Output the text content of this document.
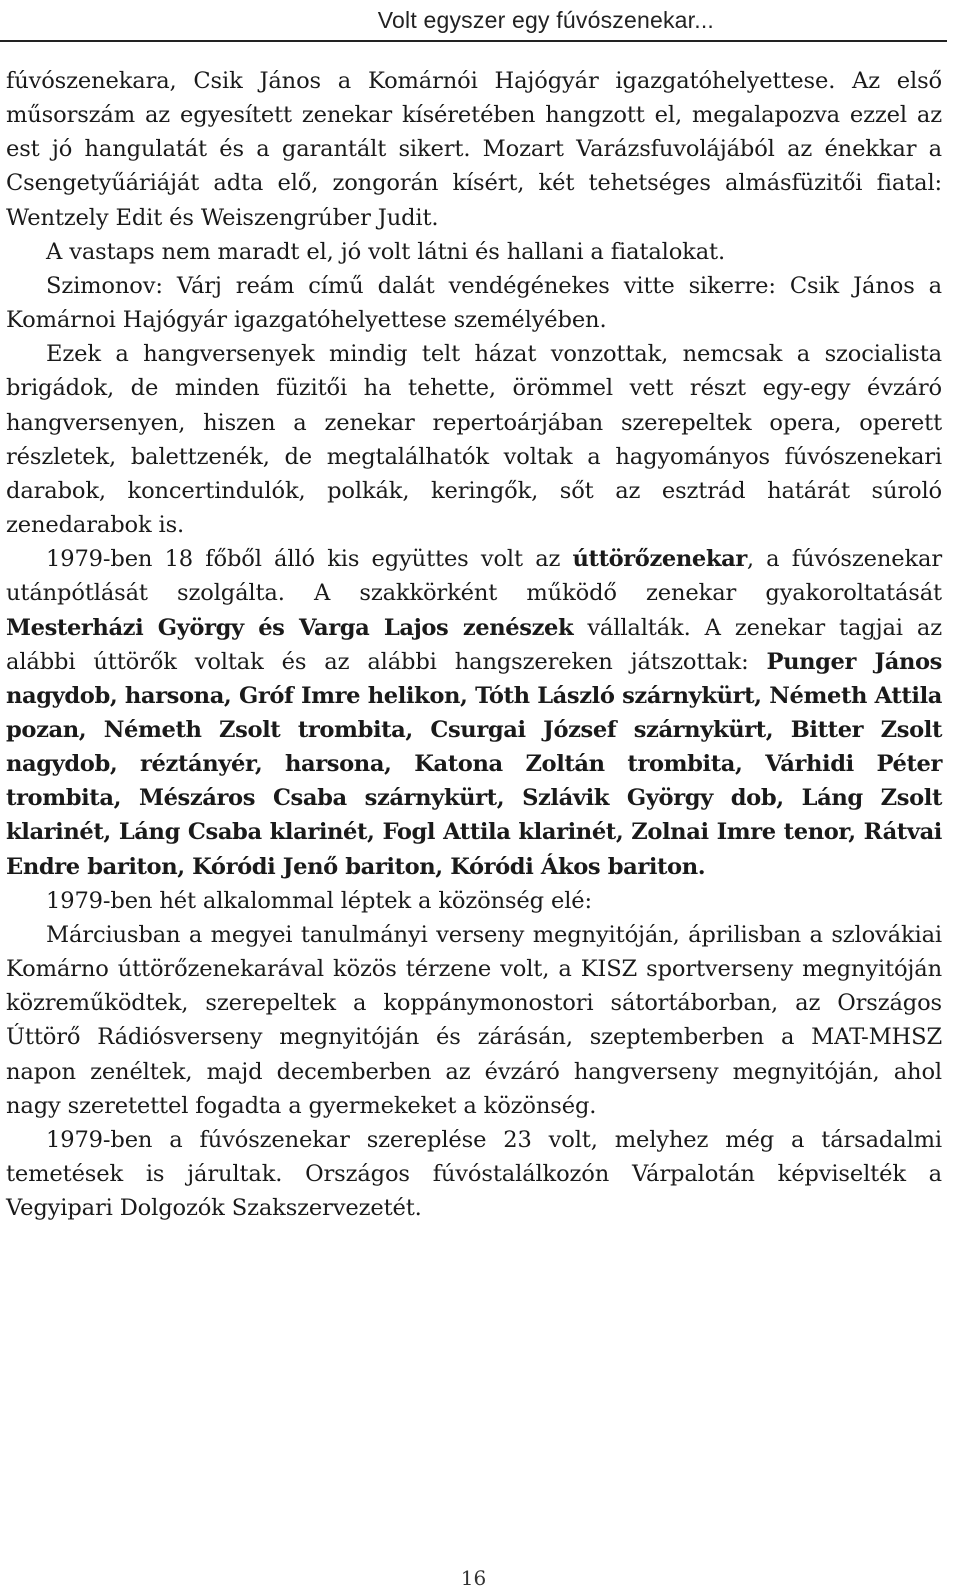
Volt egyszer egy fúvószenekar...

fúvószenekara, Csik János a Komárnói Hajógyár igazgatóhelyettese. Az első műsorszám az egyesített zenekar kíséretében hangzott el, megalapozva ezzel az est jó hangulatát és a garantált sikert. Mozart Varázsfuvolájából az énekkar a Csengetyűáriáját adta elő, zongorán kísért, két tehetséges almásfüzitői fiatal: Wentzely Edit és Weiszengrúber Judit.

A vastaps nem maradt el, jó volt látni és hallani a fiatalokat.

Szimonov: Várj reám című dalát vendégénekes vitte sikerre: Csik János a Komárnoi Hajógyár igazgatóhelyettese személyében.

Ezek a hangversenyek mindig telt házat vonzottak, nemcsak a szocialista brigádok, de minden füzitői ha tehette, örömmel vett részt egy-egy évzáró hangversenyen, hiszen a zenekar repertoárjában szerepeltek opera, operett részletek, balettzenék, de megtalálhatók voltak a hagyományos fúvószenekari darabok, koncertindulók, polkák, keringők, sőt az esztrád határát súroló zenedarabok is.

1979-ben 18 főből álló kis együttes volt az úttörőzenekar, a fúvószenekar utánpótlását szolgálta. A szakkörként működő zenekar gyakoroltatását Mesterházi György és Varga Lajos zenészek vállalták. A zenekar tagjai az alábbi úttörők voltak és az alábbi hangszereken játszottak: Punger János nagydob, harsona, Gróf Imre helikon, Tóth László szárnykürt, Németh Attila pozan, Németh Zsolt trombita, Csurgai József szárnykürt, Bitter Zsolt nagydob, réztányér, harsona, Katona Zoltán trombita, Várhidi Péter trombita, Mészáros Csaba szárnykürt, Szlávik György dob, Láng Zsolt klarinét, Láng Csaba klarinét, Fogl Attila klarinét, Zolnai Imre tenor, Rátvai Endre bariton, Kóródi Jenő bariton, Kóródi Ákos bariton.

1979-ben hét alkalommal léptek a közönség elé:

Márciusban a megyei tanulmányi verseny megnyitóján, áprilisban a szlovákiai Komárno úttörőzenekarával közös térzene volt, a KISZ sportverseny megnyitóján közreműködtek, szerepeltek a koppánymonostori sátortáborban, az Országos Úttörő Rádiósverseny megnyitóján és zárásán, szeptemberben a MAT-MHSZ napon zenéltek, majd decemberben az évzáró hangverseny megnyitóján, ahol nagy szeretettel fogadta a gyermekeket a közönség.

1979-ben a fúvószenekar szereplése 23 volt, melyhez még a társadalmi temetések is járultak. Országos fúvóstalálkozón Várpalotán képviselték a Vegyipari Dolgozók Szakszervezetét.

16
